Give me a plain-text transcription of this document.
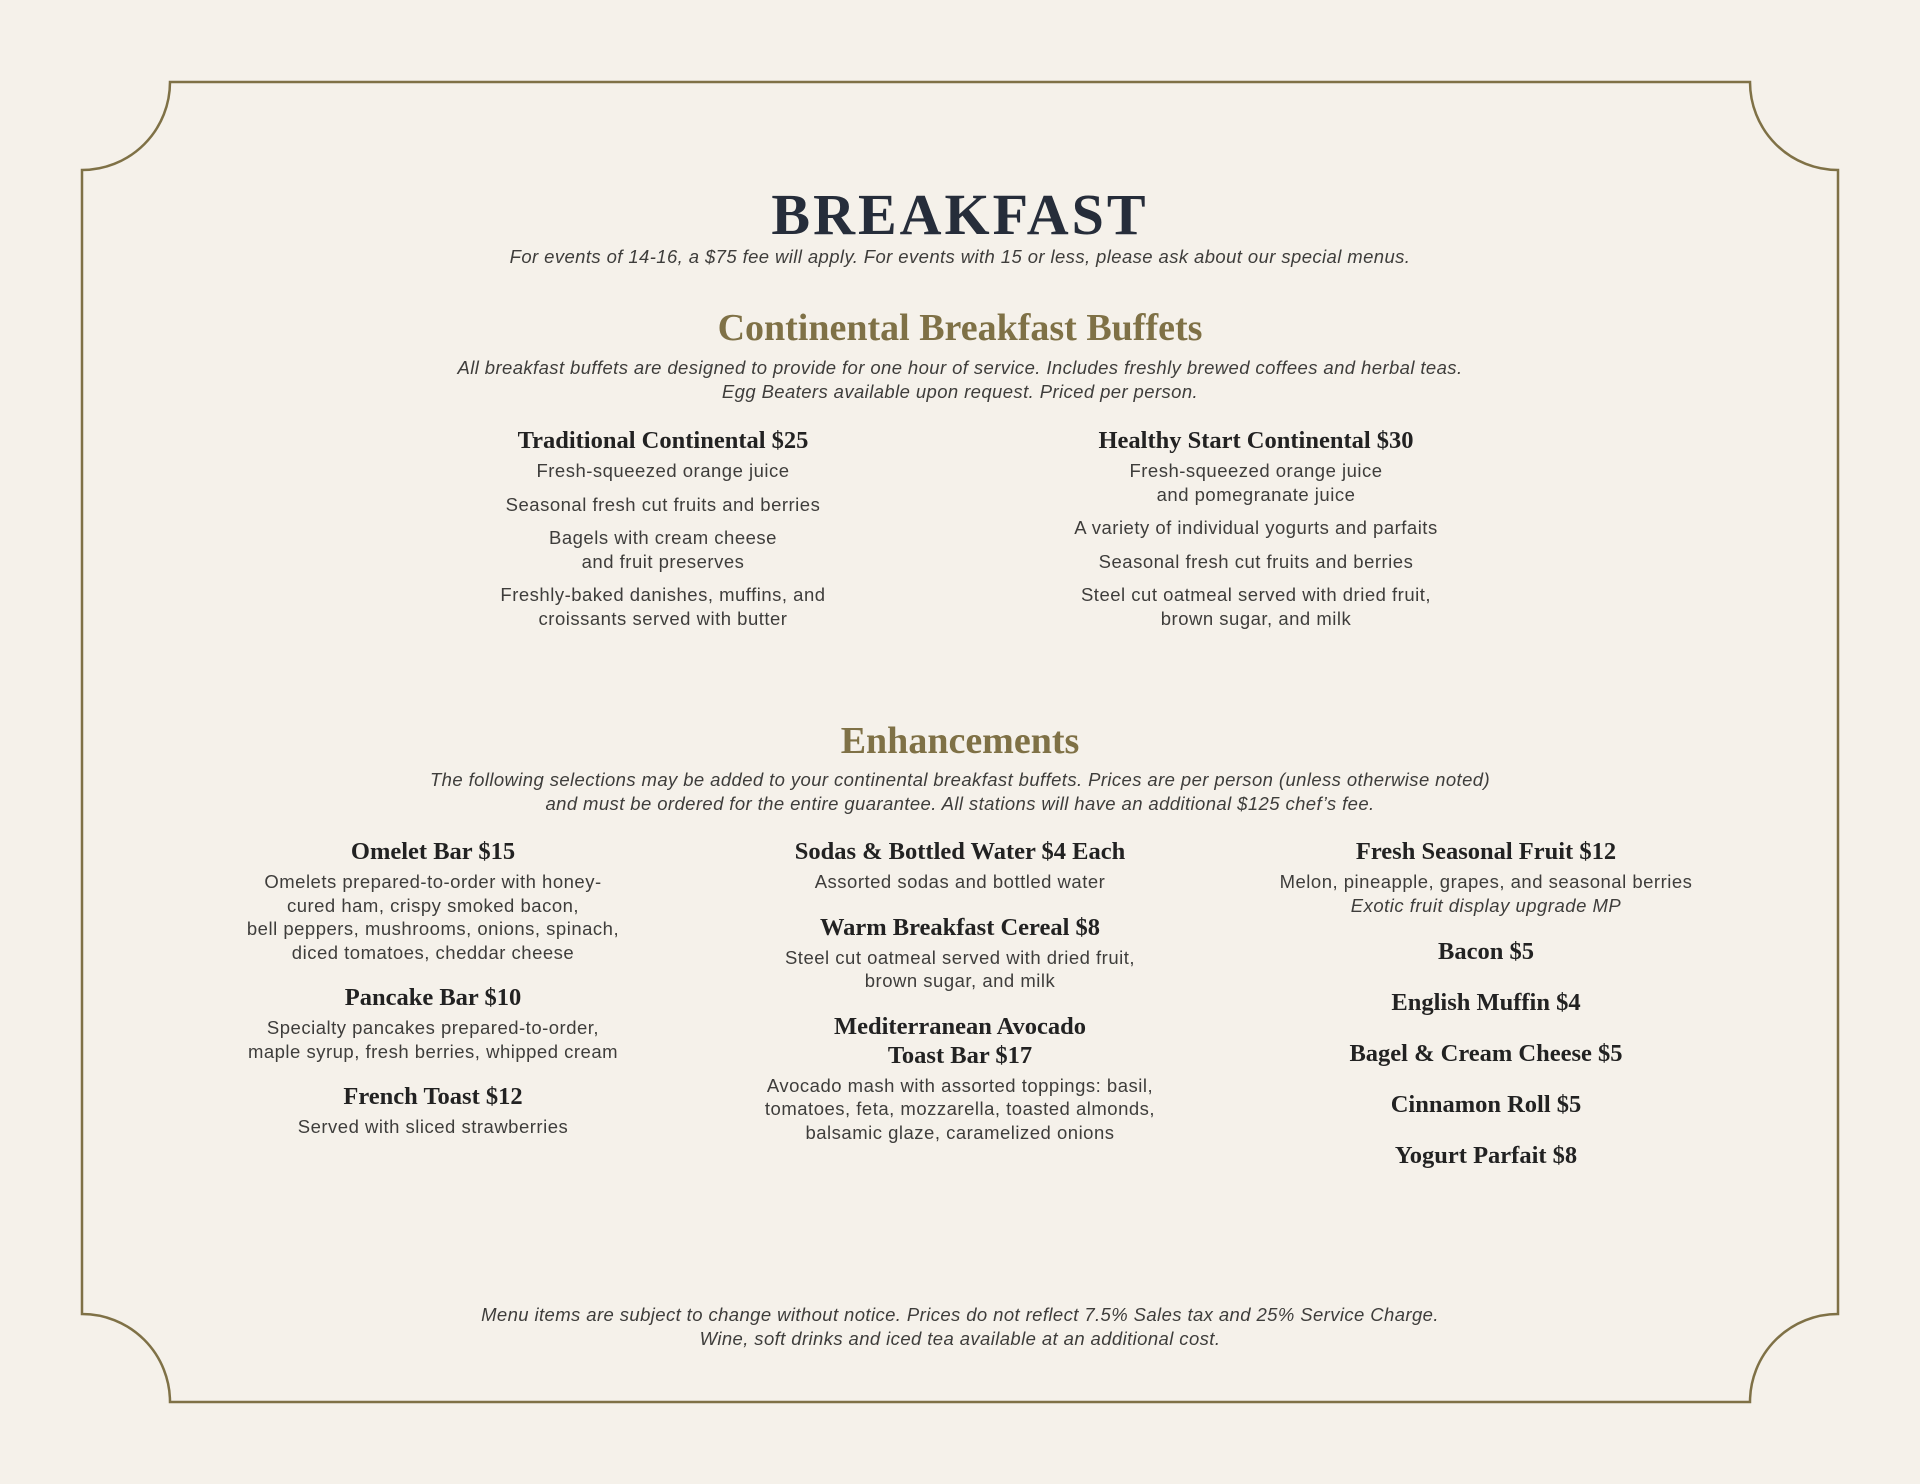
BREAKFAST
For events of 14-16, a $75 fee will apply. For events with 15 or less, please ask about our special menus.
Continental Breakfast Buffets
All breakfast buffets are designed to provide for one hour of service. Includes freshly brewed coffees and herbal teas.
Egg Beaters available upon request. Priced per person.
Traditional Continental $25
Fresh-squeezed orange juice
Seasonal fresh cut fruits and berries
Bagels with cream cheese
and fruit preserves
Freshly-baked danishes, muffins, and
croissants served with butter
Healthy Start Continental $30
Fresh-squeezed orange juice
and pomegranate juice
A variety of individual yogurts and parfaits
Seasonal fresh cut fruits and berries
Steel cut oatmeal served with dried fruit,
brown sugar, and milk
Enhancements
The following selections may be added to your continental breakfast buffets. Prices are per person (unless otherwise noted)
and must be ordered for the entire guarantee. All stations will have an additional $125 chef’s fee.
Omelet Bar $15
Omelets prepared-to-order with honey-
cured ham, crispy smoked bacon,
bell peppers, mushrooms, onions, spinach,
diced tomatoes, cheddar cheese
Pancake Bar $10
Specialty pancakes prepared-to-order,
maple syrup, fresh berries, whipped cream
French Toast $12
Served with sliced strawberries
Sodas & Bottled Water $4 Each
Assorted sodas and bottled water
Warm Breakfast Cereal $8
Steel cut oatmeal served with dried fruit,
brown sugar, and milk
Mediterranean Avocado
Toast Bar $17
Avocado mash with assorted toppings: basil,
tomatoes, feta, mozzarella, toasted almonds,
balsamic glaze, caramelized onions
Fresh Seasonal Fruit $12
Melon, pineapple, grapes, and seasonal berries
Exotic fruit display upgrade MP
Bacon $5
English Muffin $4
Bagel & Cream Cheese $5
Cinnamon Roll $5
Yogurt Parfait $8
Menu items are subject to change without notice. Prices do not reflect 7.5% Sales tax and 25% Service Charge.
Wine, soft drinks and iced tea available at an additional cost.
